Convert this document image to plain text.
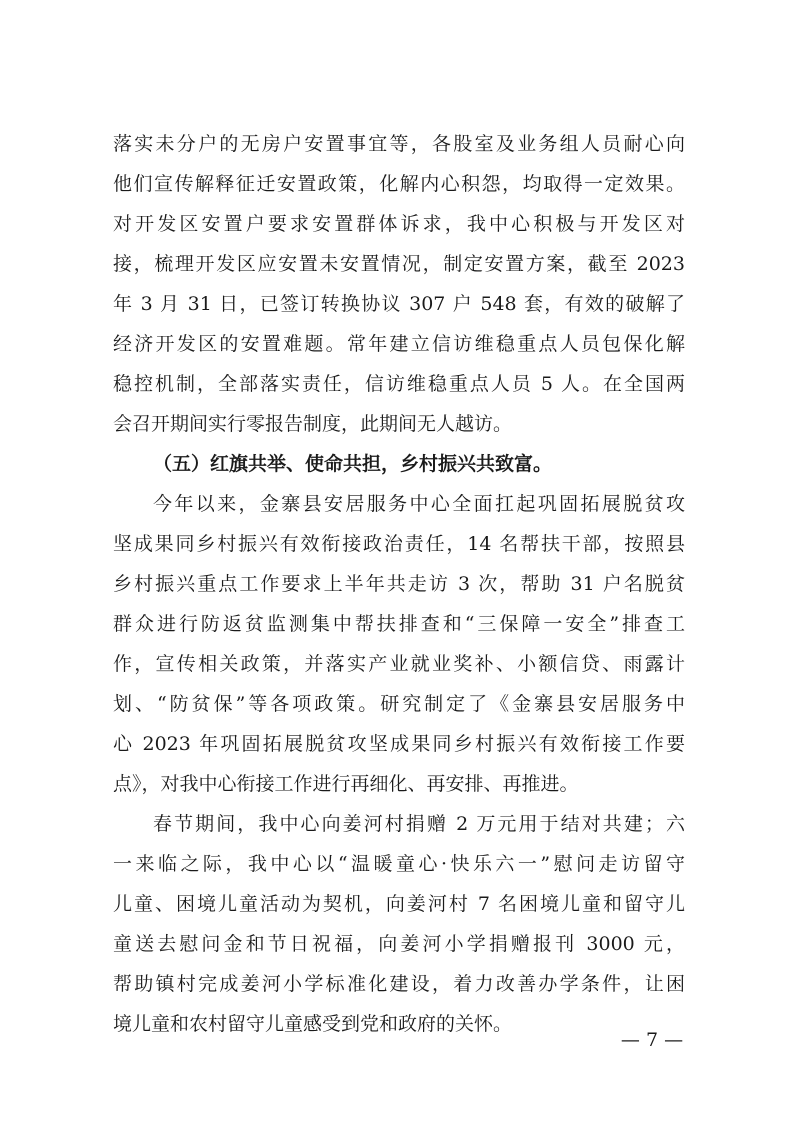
落实未分户的无房户安置事宜等，各股室及业务组人员耐心向
他们宣传解释征迁安置政策，化解内心积怨，均取得一定效果。
对开发区安置户要求安置群体诉求，我中心积极与开发区对
接，梳理开发区应安置未安置情况，制定安置方案，截至 2023
年 3 月 31 日，已签订转换协议 307 户 548 套，有效的破解了
经济开发区的安置难题。常年建立信访维稳重点人员包保化解
稳控机制，全部落实责任，信访维稳重点人员 5 人。在全国两
会召开期间实行零报告制度，此期间无人越访。
（五）红旗共举、使命共担，乡村振兴共致富。
今年以来，金寨县安居服务中心全面扛起巩固拓展脱贫攻
坚成果同乡村振兴有效衔接政治责任，14 名帮扶干部，按照县
乡村振兴重点工作要求上半年共走访 3 次，帮助 31 户名脱贫
群众进行防返贫监测集中帮扶排查和“三保障一安全”排查工
作，宣传相关政策，并落实产业就业奖补、小额信贷、雨露计
划、“防贫保”等各项政策。研究制定了《金寨县安居服务中
心 2023 年巩固拓展脱贫攻坚成果同乡村振兴有效衔接工作要
点》，对我中心衔接工作进行再细化、再安排、再推进。
春节期间，我中心向姜河村捐赠 2 万元用于结对共建；六
一来临之际，我中心以“温暖童心·快乐六一”慰问走访留守
儿童、困境儿童活动为契机，向姜河村 7 名困境儿童和留守儿
童送去慰问金和节日祝福，向姜河小学捐赠报刊 3000 元，
帮助镇村完成姜河小学标准化建设，着力改善办学条件，让困
境儿童和农村留守儿童感受到党和政府的关怀。
— 7 —
